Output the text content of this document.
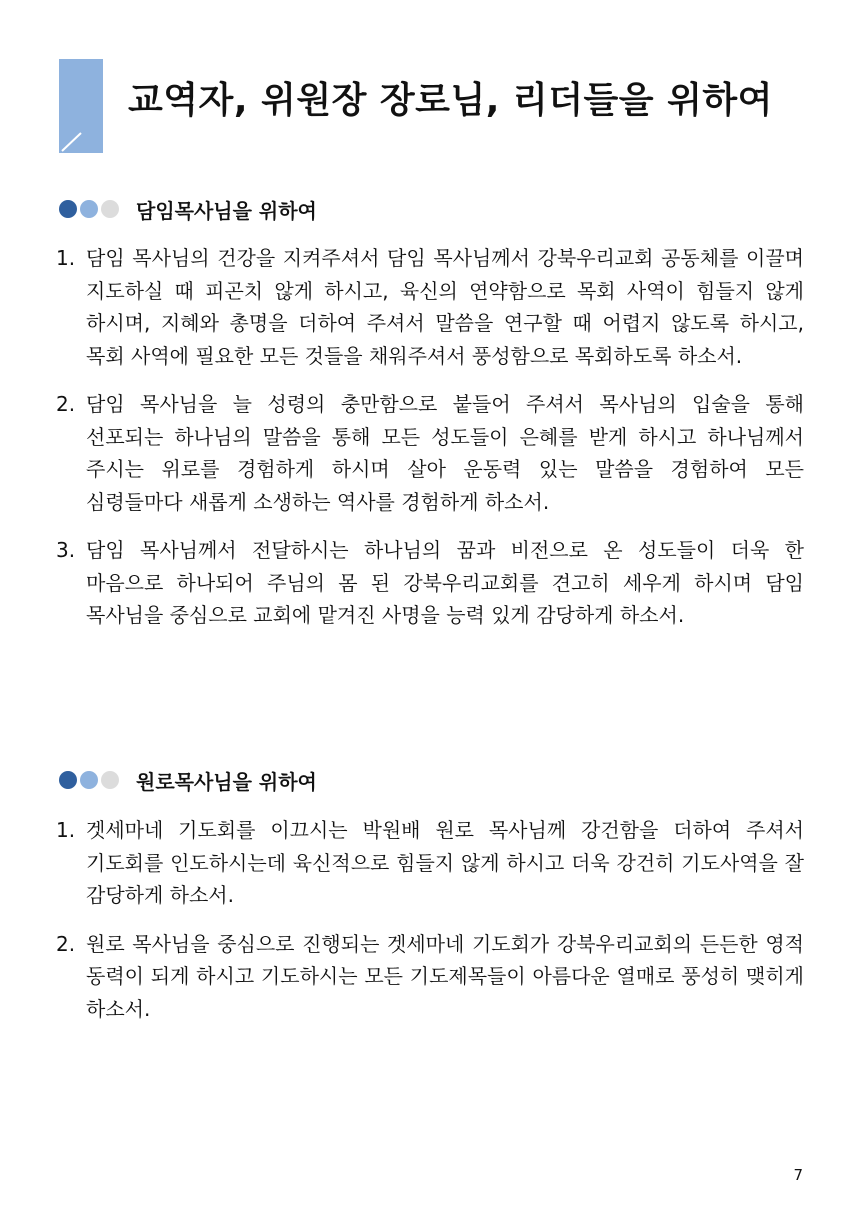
교역자, 위원장 장로님, 리더들을 위하여
담임목사님을 위하여
1. 담임 목사님의 건강을 지켜주셔서 담임 목사님께서 강북우리교회 공동체를 이끌며 지도하실 때 피곤치 않게 하시고, 육신의 연약함으로 목회 사역이 힘들지 않게 하시며, 지혜와 총명을 더하여 주셔서 말씀을 연구할 때 어렵지 않도록 하시고, 목회 사역에 필요한 모든 것들을 채워주셔서 풍성함으로 목회하도록 하소서.
2. 담임 목사님을 늘 성령의 충만함으로 붙들어 주셔서 목사님의 입술을 통해 선포되는 하나님의 말씀을 통해 모든 성도들이 은혜를 받게 하시고 하나님께서 주시는 위로를 경험하게 하시며 살아 운동력 있는 말씀을 경험하여 모든 심령들마다 새롭게 소생하는 역사를 경험하게 하소서.
3. 담임 목사님께서 전달하시는 하나님의 꿈과 비전으로 온 성도들이 더욱 한 마음으로 하나되어 주님의 몸 된 강북우리교회를 견고히 세우게 하시며 담임 목사님을 중심으로 교회에 맡겨진 사명을 능력 있게 감당하게 하소서.
원로목사님을 위하여
1. 겟세마네 기도회를 이끄시는 박원배 원로 목사님께 강건함을 더하여 주셔서 기도회를 인도하시는데 육신적으로 힘들지 않게 하시고 더욱 강건히 기도사역을 잘 감당하게 하소서.
2. 원로 목사님을 중심으로 진행되는 겟세마네 기도회가 강북우리교회의 든든한 영적 동력이 되게 하시고 기도하시는 모든 기도제목들이 아름다운 열매로 풍성히 맺히게 하소서.
7
